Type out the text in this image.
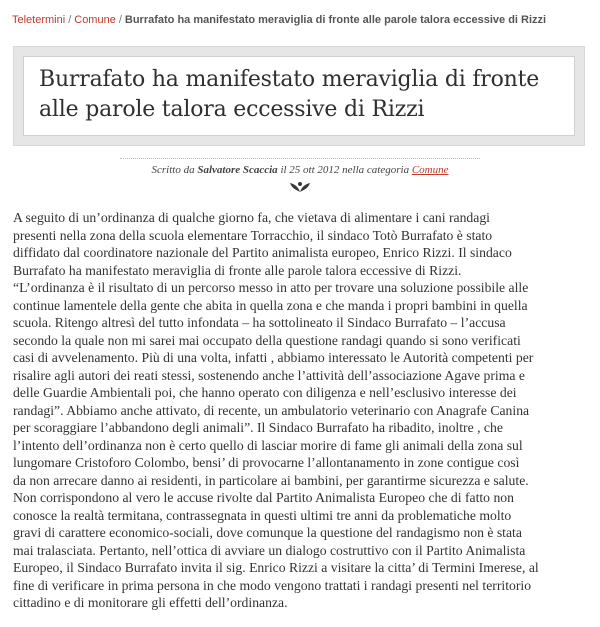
Teletermini / Comune / Burrafato ha manifestato meraviglia di fronte alle parole talora eccessive di Rizzi
Burrafato ha manifestato meraviglia di fronte alle parole talora eccessive di Rizzi
Scritto da Salvatore Scaccia il 25 ott 2012 nella categoria Comune
A seguito di un’ordinanza di qualche giorno fa, che vietava di alimentare i cani randagi
presenti nella zona della scuola elementare Torracchio, il sindaco Totò Burrafato è stato
diffidato dal coordinatore nazionale del Partito animalista europeo, Enrico Rizzi. Il sindaco
Burrafato ha manifestato meraviglia di fronte alle parole talora eccessive di Rizzi.
“L’ordinanza è il risultato di un percorso messo in atto per trovare una soluzione possibile alle
continue lamentele della gente che abita in quella zona e che manda i propri bambini in quella
scuola. Ritengo altresì del tutto infondata – ha sottolineato il Sindaco Burrafato – l’accusa
secondo la quale non mi sarei mai occupato della questione randagi quando si sono verificati
casi di avvelenamento. Più di una volta, infatti , abbiamo interessato le Autorità competenti per
risalire agli autori dei reati stessi, sostenendo anche l’attività dell’associazione Agave prima e
delle Guardie Ambientali poi, che hanno operato con diligenza e nell’esclusivo interesse dei
randagi”. Abbiamo anche attivato, di recente, un ambulatorio veterinario con Anagrafe Canina
per scoraggiare l’abbandono degli animali”. Il Sindaco Burrafato ha ribadito, inoltre , che
l’intento dell’ordinanza non è certo quello di lasciar morire di fame gli animali della zona sul
lungomare Cristoforo Colombo, bensi’ di provocarne l’allontanamento in zone contigue così
da non arrecare danno ai residenti, in particolare ai bambini, per garantirme sicurezza e salute.
Non corrispondono al vero le accuse rivolte dal Partito Animalista Europeo che di fatto non
conosce la realtà termitana, contrassegnata in questi ultimi tre anni da problematiche molto
gravi di carattere economico-sociali, dove comunque la questione del randagismo non è stata
mai tralasciata. Pertanto, nell’ottica di avviare un dialogo costruttivo con il Partito Animalista
Europeo, il Sindaco Burrafato invita il sig. Enrico Rizzi a visitare la citta’ di Termini Imerese, al
fine di verificare in prima persona in che modo vengono trattati i randagi presenti nel territorio
cittadino e di monitorare gli effetti dell’ordinanza.
